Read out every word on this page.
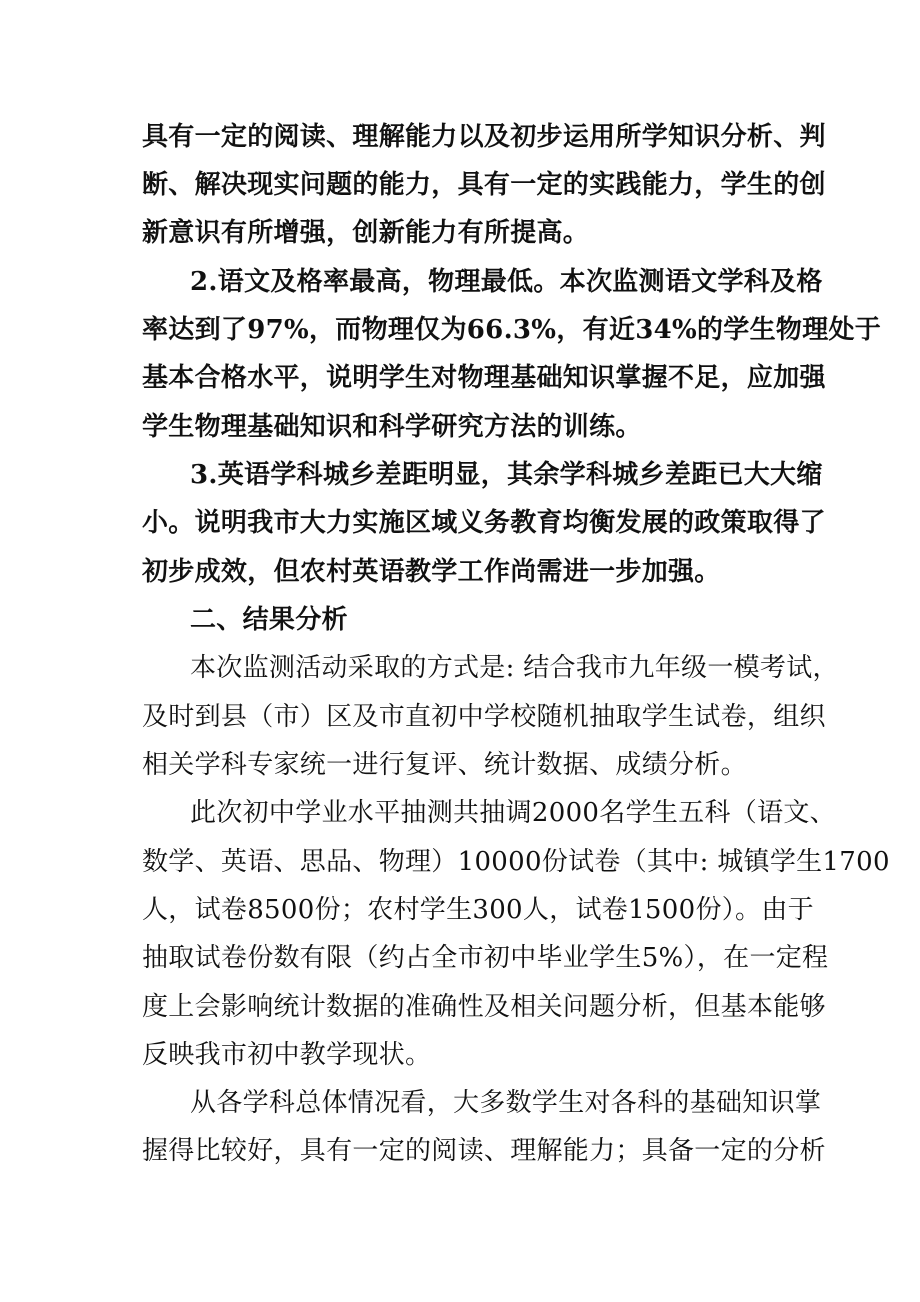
具有一定的阅读、理解能力以及初步运用所学知识分析、判
断、解决现实问题的能力，具有一定的实践能力，学生的创
新意识有所增强，创新能力有所提高。
2.语文及格率最高，物理最低。本次监测语文学科及格
率达到了97%，而物理仅为66.3%，有近34%的学生物理处于
基本合格水平，说明学生对物理基础知识掌握不足，应加强
学生物理基础知识和科学研究方法的训练。
3.英语学科城乡差距明显，其余学科城乡差距已大大缩
小。说明我市大力实施区域义务教育均衡发展的政策取得了
初步成效，但农村英语教学工作尚需进一步加强。
二、结果分析
本次监测活动采取的方式是: 结合我市九年级一模考试，
及时到县（市）区及市直初中学校随机抽取学生试卷，组织
相关学科专家统一进行复评、统计数据、成绩分析。
此次初中学业水平抽测共抽调2000名学生五科（语文、
数学、英语、思品、物理）10000份试卷（其中: 城镇学生1700
人，试卷8500份；农村学生300人，试卷1500份）。由于
抽取试卷份数有限（约占全市初中毕业学生5%），在一定程
度上会影响统计数据的准确性及相关问题分析，但基本能够
反映我市初中教学现状。
从各学科总体情况看，大多数学生对各科的基础知识掌
握得比较好，具有一定的阅读、理解能力；具备一定的分析
